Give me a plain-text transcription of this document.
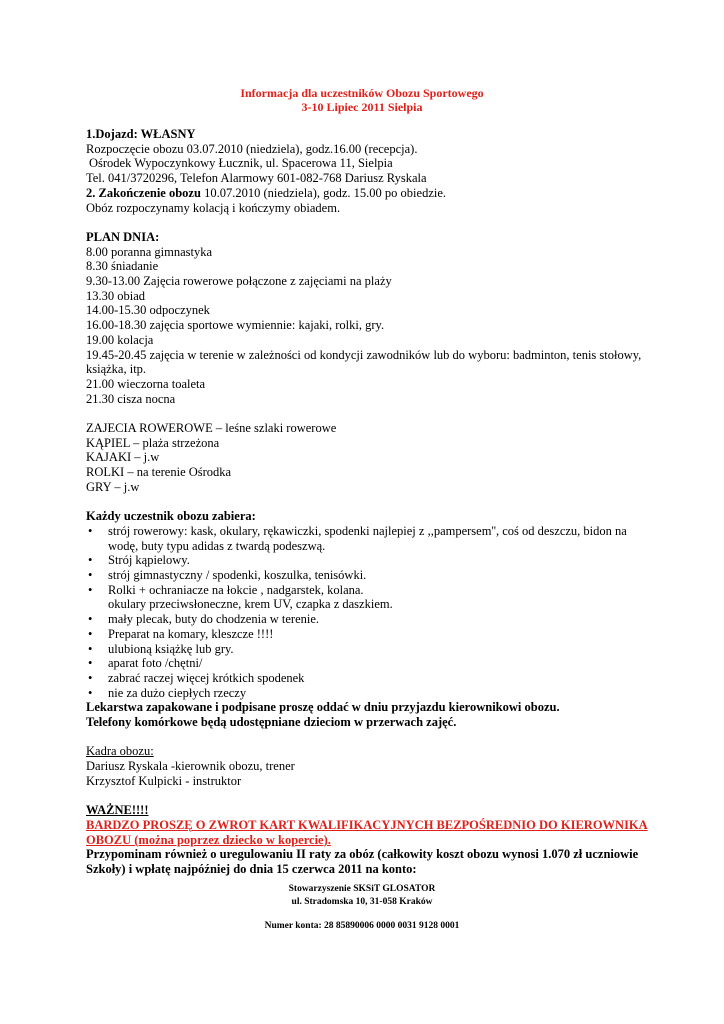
Informacja dla uczestników Obozu Sportowego
3-10 Lipiec 2011 Sielpia
1.Dojazd: WŁASNY
Rozpoczęcie obozu 03.07.2010 (niedziela), godz.16.00 (recepcja).
Ośrodek Wypoczynkowy Łucznik, ul. Spacerowa 11, Sielpia
Tel. 041/3720296, Telefon Alarmowy 601-082-768 Dariusz Ryskala
2. Zakończenie obozu 10.07.2010 (niedziela), godz. 15.00 po obiedzie.
Obóz rozpoczynamy kolacją i kończymy obiadem.
PLAN DNIA:
8.00 poranna gimnastyka
8.30 śniadanie
9.30-13.00 Zajęcia rowerowe połączone z zajęciami na plaży
13.30 obiad
14.00-15.30 odpoczynek
16.00-18.30 zajęcia sportowe wymiennie: kajaki, rolki, gry.
19.00 kolacja
19.45-20.45 zajęcia w terenie w zależności od kondycji zawodników lub do wyboru: badminton, tenis stołowy, książka, itp.
21.00 wieczorna toaleta
21.30 cisza nocna
ZAJECIA ROWEROWE – leśne szlaki rowerowe
KĄPIEL – plaża strzeżona
KAJAKI – j.w
ROLKI – na terenie Ośrodka
GRY – j.w
Każdy uczestnik obozu zabiera:
• strój rowerowy: kask, okulary, rękawiczki, spodenki najlepiej z ,,pampersem'', coś od deszczu, bidon na wodę, buty typu adidas z twardą podeszwą.
• Strój kąpielowy.
• strój gimnastyczny / spodenki, koszulka, tenisówki.
• Rolki + ochraniacze na łokcie , nadgarstek, kolana.
okulary przeciwsłoneczne, krem UV, czapka z daszkiem.
• mały plecak, buty do chodzenia w terenie.
• Preparat na komary, kleszcze !!!!
• ulubioną książkę lub gry.
• aparat foto /chętni/
• zabrać raczej więcej krótkich spodenek
• nie za dużo ciepłych rzeczy
Lekarstwa zapakowane i podpisane proszę oddać w dniu przyjazdu kierownikowi obozu.
Telefony komórkowe będą udostępniane dzieciom w przerwach zajęć.
Kadra obozu:
Dariusz Ryskala -kierownik obozu, trener
Krzysztof Kulpicki - instruktor
WAŻNE!!!!
BARDZO PROSZĘ O ZWROT KART KWALIFIKACYJNYCH BEZPOŚREDNIO DO KIEROWNIKA
OBOZU (można poprzez dziecko w kopercie).
Przypominam również o uregulowaniu II raty za obóz (całkowity koszt obozu wynosi 1.070 zł uczniowie Szkoły) i wpłatę najpóźniej do dnia 15 czerwca 2011 na konto:
Stowarzyszenie SKSiT GLOSATOR
ul. Stradomska 10, 31-058 Kraków
Numer konta: 28 85890006 0000 0031 9128 0001
